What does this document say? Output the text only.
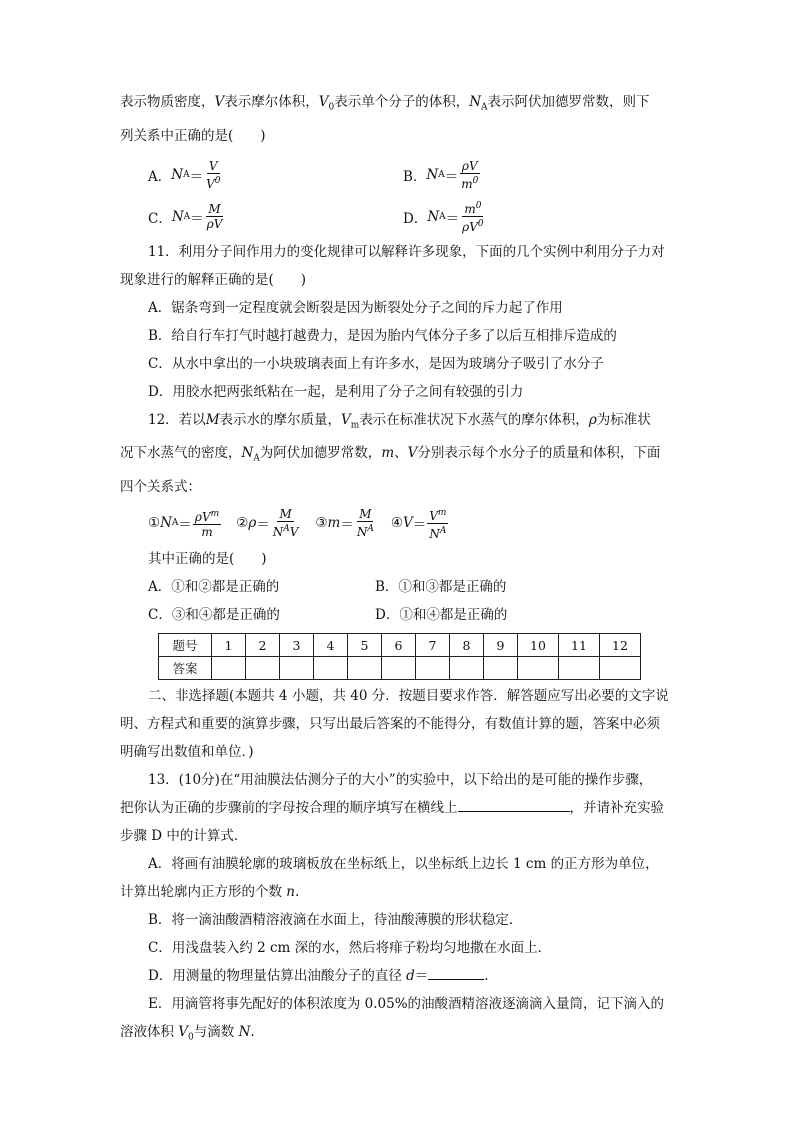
表示物质密度，V表示摩尔体积，$V_0$表示单个分子的体积，$N_A$表示阿伏加德罗常数，则下
列关系中正确的是(　　)
A． N $A = \frac{V}{V^0}$	B． N $A = \frac{\rho V}{m^0}$
C． N $A = \frac{M}{\rho V}$	D． N $A = \frac{m^0}{\rho V^0}$
11．利用分子间作用力的变化规律可以解释许多现象，下面的几个实例中利用分子力对
现象进行的解释正确的是(　　)
A．锯条弯到一定程度就会断裂是因为断裂处分子之间的斥力起了作用
B．给自行车打气时越打越费力，是因为胎内气体分子多了以后互相排斥造成的
C．从水中拿出的一小块玻璃表面上有许多水，是因为玻璃分子吸引了水分子
D．用胶水把两张纸粘在一起，是利用了分子之间有较强的引力
12．若以M表示水的摩尔质量，$V_m$表示在标准状况下水蒸气的摩尔体积，ρ为标准状
况下水蒸气的密度，$N_A$为阿伏加德罗常数，m、V分别表示每个水分子的质量和体积，下面
四个关系式：
① N $A = \frac{\rho V^m}{m}$ ② $\rho = \frac{M}{N^AV}$ ③ $m = \frac{M}{N^A}$ ④ $V = \frac{V^m}{N^A}$
其中正确的是(　　)
A．①和②都是正确的	B．①和③都是正确的
C．③和④都是正确的	D．①和④都是正确的
题号	1	2	3	4	5	6	7	8	9	10	11	12
答案												
二、非选择题(本题共 4 小题，共 40 分．按题目要求作答．解答题应写出必要的文字说
明、方程式和重要的演算步骤，只写出最后答案的不能得分，有数值计算的题，答案中必须
明确写出数值和单位．)
13．(10分)在“用油膜法估测分子的大小”的实验中，以下给出的是可能的操作步骤，
把你认为正确的步骤前的字母按合理的顺序填写在横线上	，并请补充实验
步骤 D 中的计算式．
A．将画有油膜轮廓的玻璃板放在坐标纸上，以坐标纸上边长 1 cm 的正方形为单位，
计算出轮廓内正方形的个数 n.
B．将一滴油酸酒精溶液滴在水面上，待油酸薄膜的形状稳定．
C．用浅盘装入约 2 cm 深的水，然后将痱子粉均匀地撒在水面上．
D．用测量的物理量估算出油酸分子的直径 d＝	.
E．用滴管将事先配好的体积浓度为 0.05%的油酸酒精溶液逐滴滴入量筒，记下滴入的
溶液体积 $V_0$与滴数 N.
